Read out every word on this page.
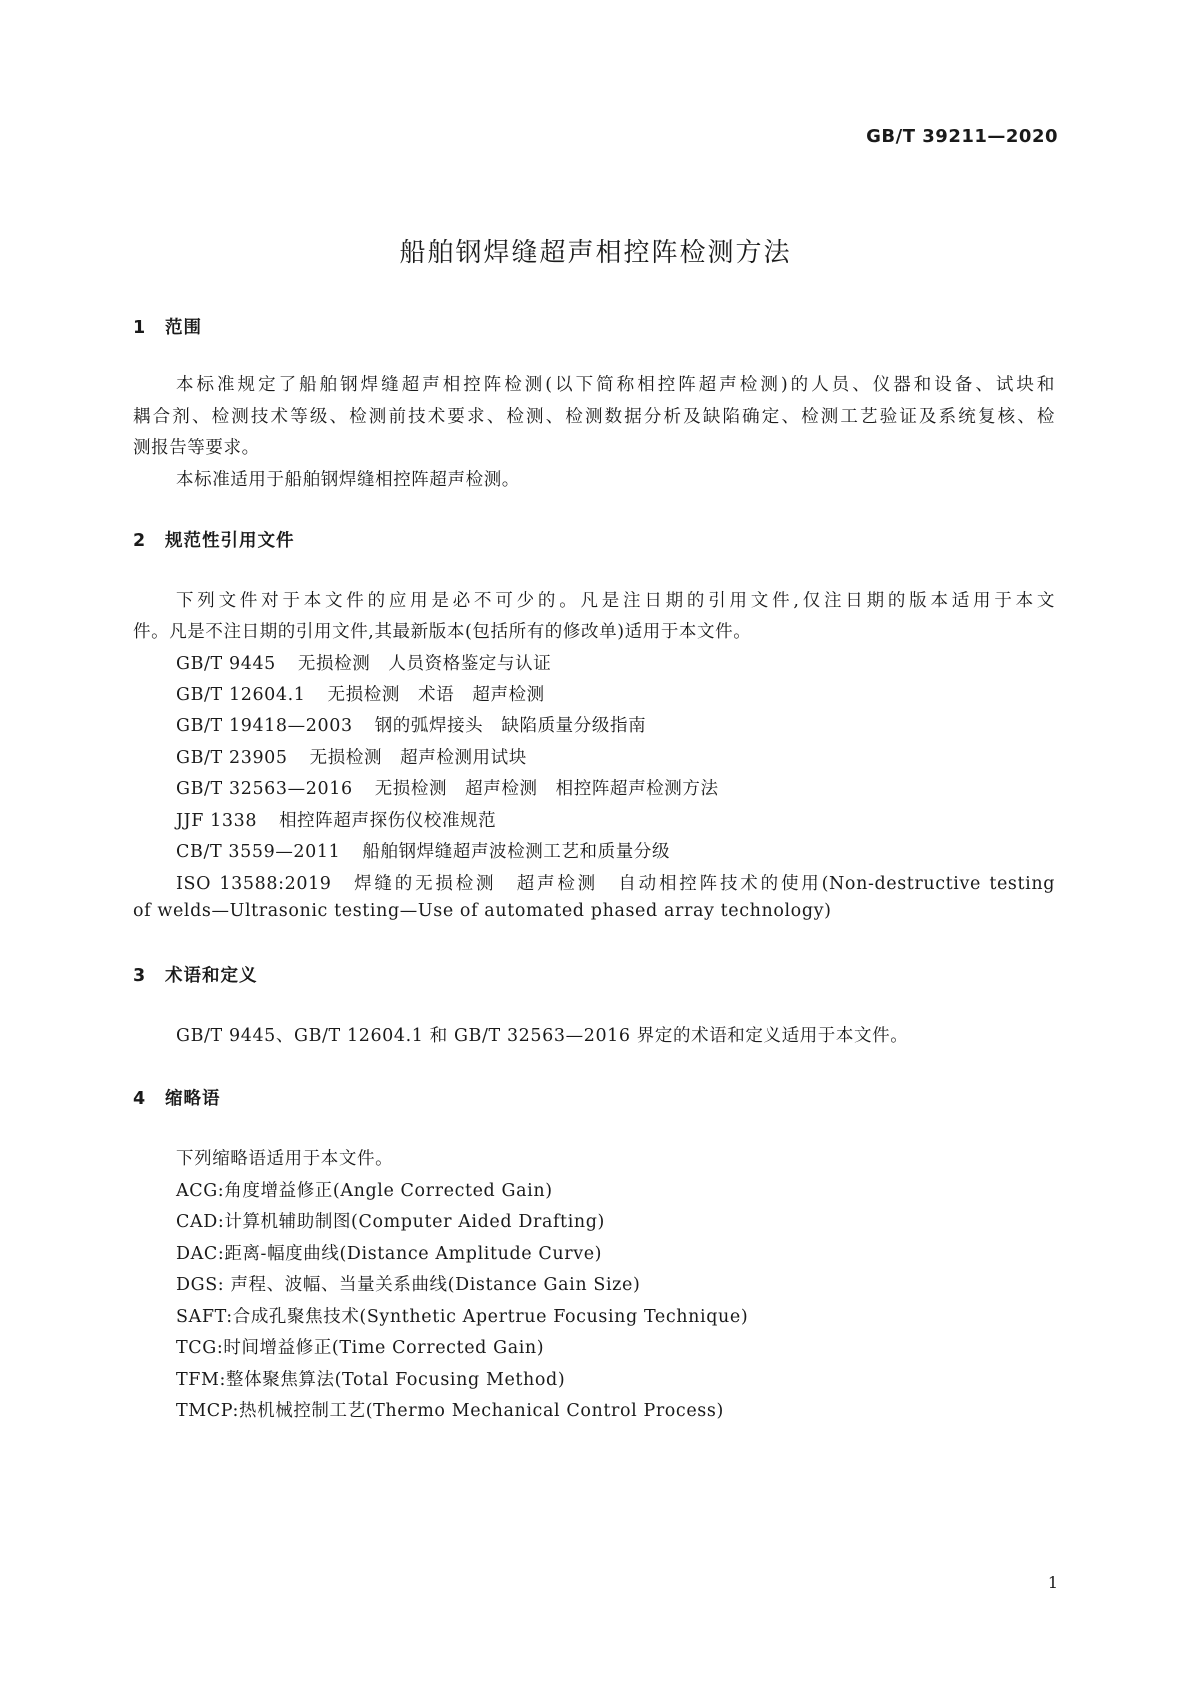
GB/T 39211—2020
船舶钢焊缝超声相控阵检测方法
1 范围
本标准规定了船舶钢焊缝超声相控阵检测(以下简称相控阵超声检测)的人员、仪器和设备、试块和
耦合剂、检测技术等级、检测前技术要求、检测、检测数据分析及缺陷确定、检测工艺验证及系统复核、检
测报告等要求。
本标准适用于船舶钢焊缝相控阵超声检测。
2 规范性引用文件
下列文件对于本文件的应用是必不可少的。凡是注日期的引用文件,仅注日期的版本适用于本文
件。凡是不注日期的引用文件,其最新版本(包括所有的修改单)适用于本文件。
GB/T 9445 无损检测　人员资格鉴定与认证
GB/T 12604.1 无损检测　术语　超声检测
GB/T 19418—2003 钢的弧焊接头　缺陷质量分级指南
GB/T 23905 无损检测　超声检测用试块
GB/T 32563—2016 无损检测　超声检测　相控阵超声检测方法
JJF 1338 相控阵超声探伤仪校准规范
CB/T 3559—2011 船舶钢焊缝超声波检测工艺和质量分级
ISO 13588:2019　焊缝的无损检测　超声检测　自动相控阵技术的使用(Non-destructive testing
of welds—Ultrasonic testing—Use of automated phased array technology)
3 术语和定义
GB/T 9445、GB/T 12604.1 和 GB/T 32563—2016 界定的术语和定义适用于本文件。
4 缩略语
下列缩略语适用于本文件。
ACG:角度增益修正(Angle Corrected Gain)
CAD:计算机辅助制图(Computer Aided Drafting)
DAC:距离-幅度曲线(Distance Amplitude Curve)
DGS: 声程、波幅、当量关系曲线(Distance Gain Size)
SAFT:合成孔聚焦技术(Synthetic Apertrue Focusing Technique)
TCG:时间增益修正(Time Corrected Gain)
TFM:整体聚焦算法(Total Focusing Method)
TMCP:热机械控制工艺(Thermo Mechanical Control Process)
1
